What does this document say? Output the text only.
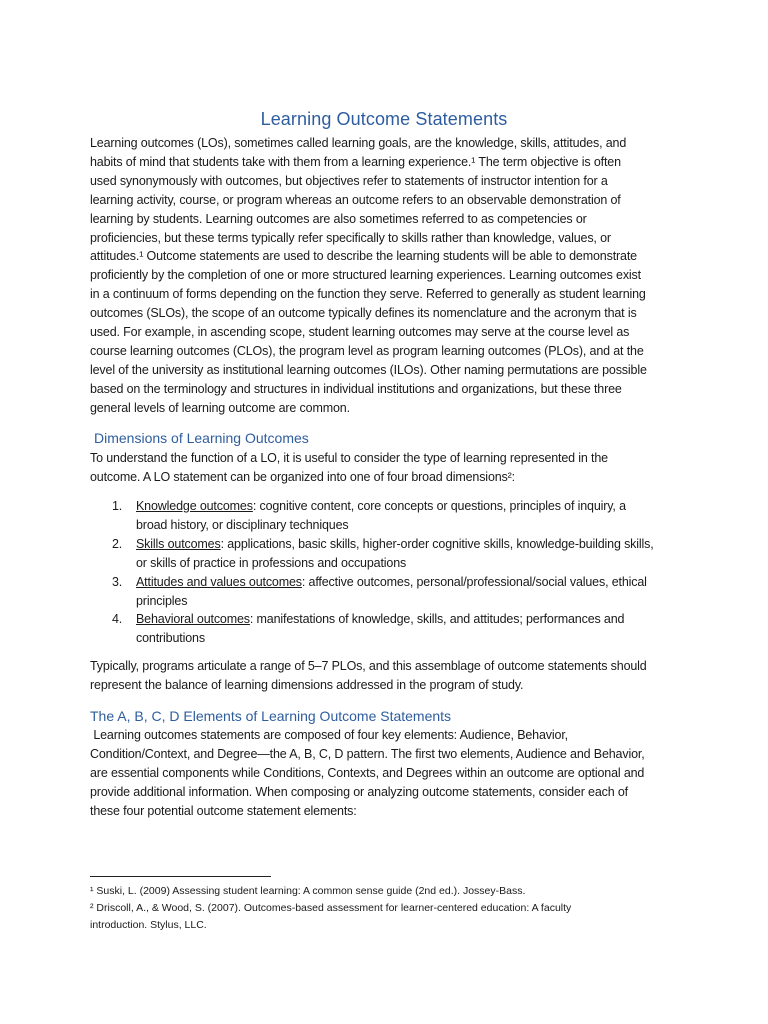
Learning Outcome Statements

Learning outcomes (LOs), sometimes called learning goals, are the knowledge, skills, attitudes, and
habits of mind that students take with them from a learning experience.¹ The term objective is often
used synonymously with outcomes, but objectives refer to statements of instructor intention for a
learning activity, course, or program whereas an outcome refers to an observable demonstration of
learning by students. Learning outcomes are also sometimes referred to as competencies or
proficiencies, but these terms typically refer specifically to skills rather than knowledge, values, or
attitudes.¹ Outcome statements are used to describe the learning students will be able to demonstrate
proficiently by the completion of one or more structured learning experiences. Learning outcomes exist
in a continuum of forms depending on the function they serve. Referred to generally as student learning
outcomes (SLOs), the scope of an outcome typically defines its nomenclature and the acronym that is
used. For example, in ascending scope, student learning outcomes may serve at the course level as
course learning outcomes (CLOs), the program level as program learning outcomes (PLOs), and at the
level of the university as institutional learning outcomes (ILOs). Other naming permutations are possible
based on the terminology and structures in individual institutions and organizations, but these three
general levels of learning outcome are common.

Dimensions of Learning Outcomes

To understand the function of a LO, it is useful to consider the type of learning represented in the
outcome. A LO statement can be organized into one of four broad dimensions²:

1. Knowledge outcomes: cognitive content, core concepts or questions, principles of inquiry, a
broad history, or disciplinary techniques
2. Skills outcomes: applications, basic skills, higher-order cognitive skills, knowledge-building skills,
or skills of practice in professions and occupations
3. Attitudes and values outcomes: affective outcomes, personal/professional/social values, ethical
principles
4. Behavioral outcomes: manifestations of knowledge, skills, and attitudes; performances and
contributions

Typically, programs articulate a range of 5–7 PLOs, and this assemblage of outcome statements should
represent the balance of learning dimensions addressed in the program of study.

The A, B, C, D Elements of Learning Outcome Statements

Learning outcomes statements are composed of four key elements: Audience, Behavior,
Condition/Context, and Degree—the A, B, C, D pattern. The first two elements, Audience and Behavior,
are essential components while Conditions, Contexts, and Degrees within an outcome are optional and
provide additional information. When composing or analyzing outcome statements, consider each of
these four potential outcome statement elements:

¹ Suski, L. (2009) Assessing student learning: A common sense guide (2nd ed.). Jossey-Bass.
² Driscoll, A., & Wood, S. (2007). Outcomes-based assessment for learner-centered education: A faculty
introduction. Stylus, LLC.
